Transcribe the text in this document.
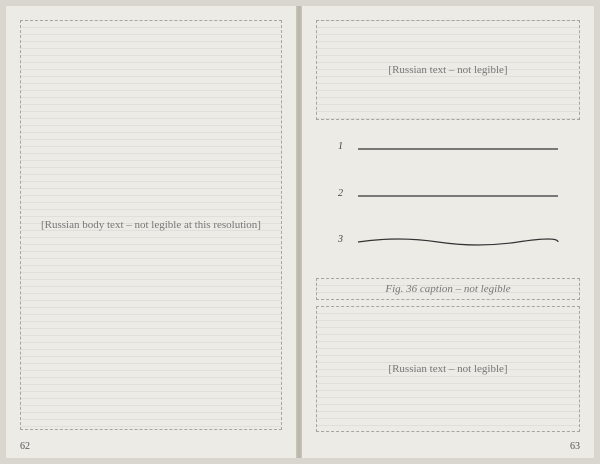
[Russian body text – not legible at this resolution]
62
[Russian text – not legible]
1
2
3
Fig. 36 caption – not legible
[Russian text – not legible]
63
